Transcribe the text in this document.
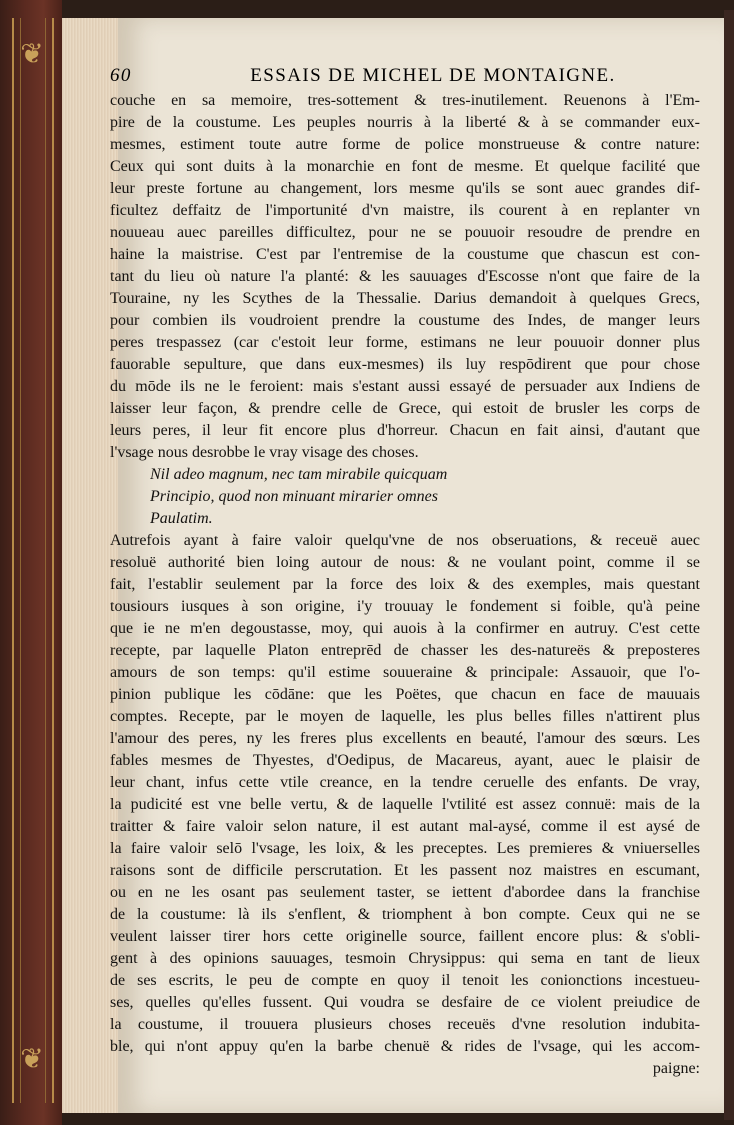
❦
❦
60	ESSAIS DE MICHEL DE MONTAIGNE.
couche en sa memoire, tres-sottement & tres-inutilement. Reuenons à l'Em-
pire de la coustume. Les peuples nourris à la liberté & à se commander eux-
mesmes, estiment toute autre forme de police monstrueuse & contre nature:
Ceux qui sont duits à la monarchie en font de mesme. Et quelque facilité que
leur preste fortune au changement, lors mesme qu'ils se sont auec grandes dif-
ficultez deffaitz de l'importunité d'vn maistre, ils courent à en replanter vn
nouueau auec pareilles difficultez, pour ne se pouuoir resoudre de prendre en
haine la maistrise. C'est par l'entremise de la coustume que chascun est con-
tant du lieu où nature l'a planté: & les sauuages d'Escosse n'ont que faire de la
Touraine, ny les Scythes de la Thessalie. Darius demandoit à quelques Grecs,
pour combien ils voudroient prendre la coustume des Indes, de manger leurs
peres trespassez (car c'estoit leur forme, estimans ne leur pouuoir donner plus
fauorable sepulture, que dans eux-mesmes) ils luy respōdirent que pour chose
du mōde ils ne le feroient: mais s'estant aussi essayé de persuader aux Indiens de
laisser leur façon, & prendre celle de Grece, qui estoit de brusler les corps de
leurs peres, il leur fit encore plus d'horreur. Chacun en fait ainsi, d'autant que
l'vsage nous desrobbe le vray visage des choses.
Nil adeo magnum, nec tam mirabile quicquam
Principio, quod non minuant mirarier omnes
Paulatim.
Autrefois ayant à faire valoir quelqu'vne de nos obseruations, & receuë auec
resoluë authorité bien loing autour de nous: & ne voulant point, comme il se
fait, l'establir seulement par la force des loix & des exemples, mais questant
tousiours iusques à son origine, i'y trouuay le fondement si foible, qu'à peine
que ie ne m'en degoustasse, moy, qui auois à la confirmer en autruy. C'est cette
recepte, par laquelle Platon entreprēd de chasser les des-natureës & preposteres
amours de son temps: qu'il estime souueraine & principale: Assauoir, que l'o-
pinion publique les cōdāne: que les Poëtes, que chacun en face de mauuais
comptes. Recepte, par le moyen de laquelle, les plus belles filles n'attirent plus
l'amour des peres, ny les freres plus excellents en beauté, l'amour des sœurs. Les
fables mesmes de Thyestes, d'Oedipus, de Macareus, ayant, auec le plaisir de
leur chant, infus cette vtile creance, en la tendre ceruelle des enfants. De vray,
la pudicité est vne belle vertu, & de laquelle l'vtilité est assez connuë: mais de la
traitter & faire valoir selon nature, il est autant mal-aysé, comme il est aysé de
la faire valoir selō l'vsage, les loix, & les preceptes. Les premieres & vniuerselles
raisons sont de difficile perscrutation. Et les passent noz maistres en escumant,
ou en ne les osant pas seulement taster, se iettent d'abordee dans la franchise
de la coustume: là ils s'enflent, & triomphent à bon compte. Ceux qui ne se
veulent laisser tirer hors cette originelle source, faillent encore plus: & s'obli-
gent à des opinions sauuages, tesmoin Chrysippus: qui sema en tant de lieux
de ses escrits, le peu de compte en quoy il tenoit les conionctions incestueu-
ses, quelles qu'elles fussent. Qui voudra se desfaire de ce violent preiudice de
la coustume, il trouuera plusieurs choses receuës d'vne resolution indubita-
ble, qui n'ont appuy qu'en la barbe chenuë & rides de l'vsage, qui les accom-
paigne:
